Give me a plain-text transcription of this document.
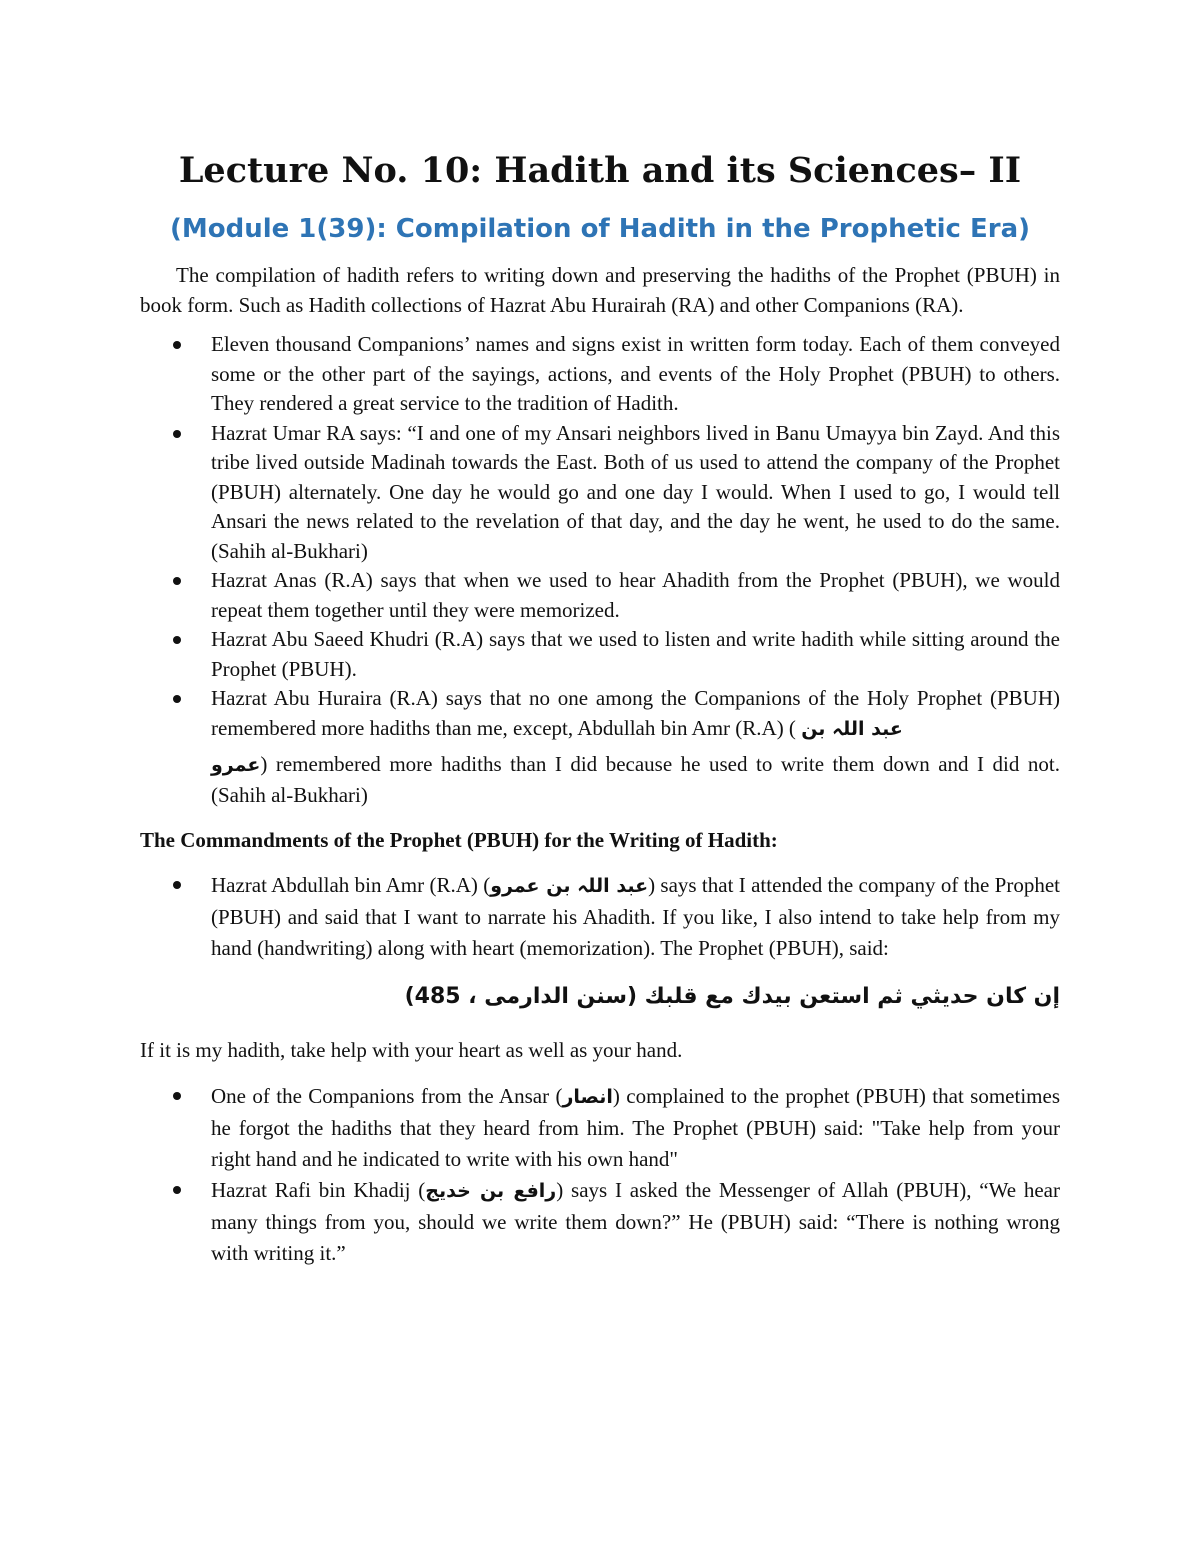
Lecture No. 10: Hadith and its Sciences– II
(Module 1(39): Compilation of Hadith in the Prophetic Era)

The compilation of hadith refers to writing down and preserving the hadiths of the Prophet (PBUH) in book form. Such as Hadith collections of Hazrat Abu Hurairah (RA) and other Companions (RA).

Eleven thousand Companions’ names and signs exist in written form today. Each of them conveyed some or the other part of the sayings, actions, and events of the Holy Prophet (PBUH) to others. They rendered a great service to the tradition of Hadith.
Hazrat Umar RA says: “I and one of my Ansari neighbors lived in Banu Umayya bin Zayd. And this tribe lived outside Madinah towards the East. Both of us used to attend the company of the Prophet (PBUH) alternately. One day he would go and one day I would. When I used to go, I would tell Ansari the news related to the revelation of that day, and the day he went, he used to do the same. (Sahih al-Bukhari)
Hazrat Anas (R.A) says that when we used to hear Ahadith from the Prophet (PBUH), we would repeat them together until they were memorized.
Hazrat Abu Saeed Khudri (R.A) says that we used to listen and write hadith while sitting around the Prophet (PBUH).
Hazrat Abu Huraira (R.A) says that no one among the Companions of the Holy Prophet (PBUH) remembered more hadiths than me, except, Abdullah bin Amr (R.A) ( عبد اللہ بن
عمرو) remembered more hadiths than I did because he used to write them down and I did not. (Sahih al-Bukhari)

The Commandments of the Prophet (PBUH) for the Writing of Hadith:

Hazrat Abdullah bin Amr (R.A) (عبد اللہ بن عمرو) says that I attended the company of the Prophet (PBUH) and said that I want to narrate his Ahadith. If you like, I also intend to take help from my hand (handwriting) along with heart (memorization). The Prophet (PBUH), said:

إن كان حديثي ثم استعن بيدك مع قلبك (سنن الدارمی ، 485)

If it is my hadith, take help with your heart as well as your hand.

One of the Companions from the Ansar (انصار) complained to the prophet (PBUH) that sometimes he forgot the hadiths that they heard from him. The Prophet (PBUH) said: "Take help from your right hand and he indicated to write with his own hand"
Hazrat Rafi bin Khadij (رافع بن خدیج) says I asked the Messenger of Allah (PBUH), “We hear many things from you, should we write them down?” He (PBUH) said: “There is nothing wrong with writing it.”
